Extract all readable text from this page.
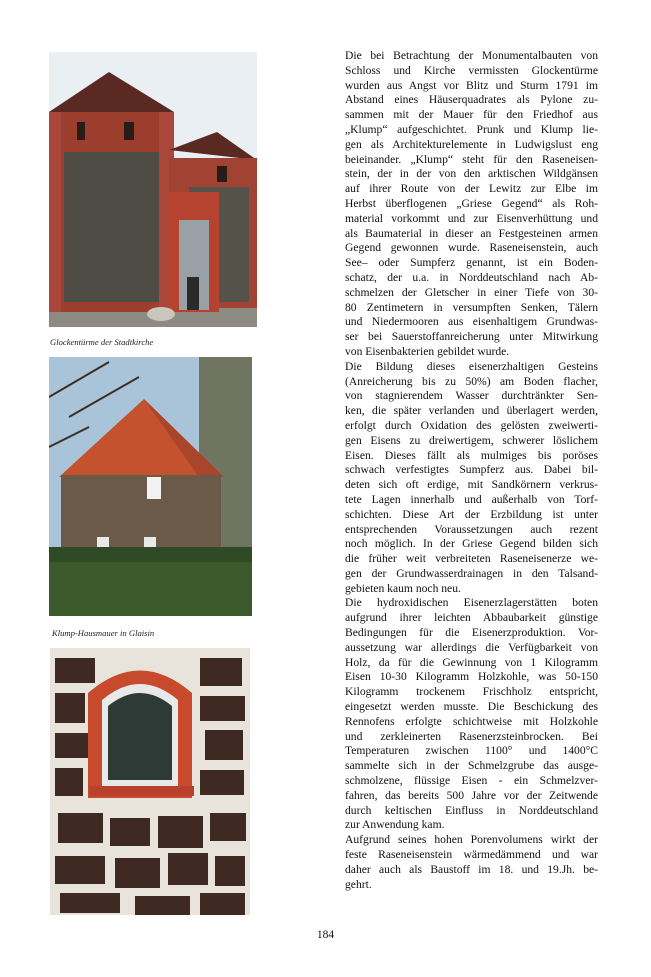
Glockentürme der Stadtkirche
Klump-Hausmauer in Glaisin
Die bei Betrachtung der Monumentalbauten von
Schloss und Kirche vermissten Glockentürme
wurden aus Angst vor Blitz und Sturm 1791 im
Abstand eines Häuserquadrates als Pylone zu-
sammen mit der Mauer für den Friedhof aus
„Klump“ aufgeschichtet. Prunk und Klump lie-
gen als Architekturelemente in Ludwigslust eng
beieinander. „Klump“ steht für den Raseneisen-
stein, der in der von den arktischen Wildgänsen
auf ihrer Route von der Lewitz zur Elbe im
Herbst überflogenen „Griese Gegend“ als Roh-
material vorkommt und zur Eisenverhüttung und
als Baumaterial in dieser an Festgesteinen armen
Gegend gewonnen wurde. Raseneisenstein, auch
See– oder Sumpferz genannt, ist ein Boden-
schatz, der u.a. in Norddeutschland nach Ab-
schmelzen der Gletscher in einer Tiefe von 30-
80 Zentimetern in versumpften Senken, Tälern
und Niedermooren aus eisenhaltigem Grundwas-
ser bei Sauerstoffanreicherung unter Mitwirkung
von Eisenbakterien gebildet wurde.
Die Bildung dieses eisenerzhaltigen Gesteins
(Anreicherung bis zu 50%) am Boden flacher,
von stagnierendem Wasser durchtränkter Sen-
ken, die später verlanden und überlagert werden,
erfolgt durch Oxidation des gelösten zweiwerti-
gen Eisens zu dreiwertigem, schwerer löslichem
Eisen. Dieses fällt als mulmiges bis poröses
schwach verfestigtes Sumpferz aus. Dabei bil-
deten sich oft erdige, mit Sandkörnern verkrus-
tete Lagen innerhalb und außerhalb von Torf-
schichten. Diese Art der Erzbildung ist unter
entsprechenden Voraussetzungen auch rezent
noch möglich. In der Griese Gegend bilden sich
die früher weit verbreiteten Raseneisenerze we-
gen der Grundwasserdrainagen in den Talsand-
gebieten kaum noch neu.
Die hydroxidischen Eisenerzlagerstätten boten
aufgrund ihrer leichten Abbaubarkeit günstige
Bedingungen für die Eisenerzproduktion. Vor-
aussetzung war allerdings die Verfügbarkeit von
Holz, da für die Gewinnung von 1 Kilogramm
Eisen 10-30 Kilogramm Holzkohle, was 50-150
Kilogramm trockenem Frischholz entspricht,
eingesetzt werden musste. Die Beschickung des
Rennofens erfolgte schichtweise mit Holzkohle
und zerkleinerten Rasenerzsteinbrocken. Bei
Temperaturen zwischen 1100° und 1400°C
sammelte sich in der Schmelzgrube das ausge-
schmolzene, flüssige Eisen - ein Schmelzver-
fahren, das bereits 500 Jahre vor der Zeitwende
durch keltischen Einfluss in Norddeutschland
zur Anwendung kam.
Aufgrund seines hohen Porenvolumens wirkt der
feste Raseneisenstein wärmedämmend und war
daher auch als Baustoff im 18. und 19.Jh. be-
gehrt.
184
